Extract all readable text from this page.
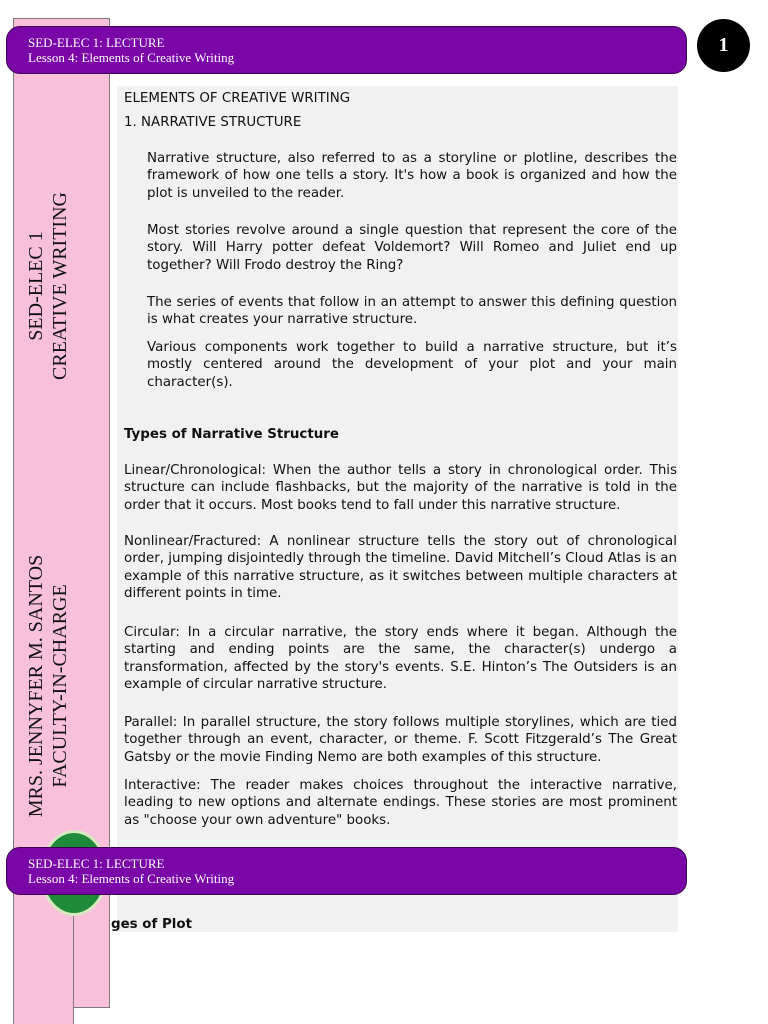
SED-ELEC 1 CREATIVE WRITING
MRS. JENNYFER M. SANTOS FACULTY-IN-CHARGE
ELEMENTS OF CREATIVE WRITING
1. NARRATIVE STRUCTURE
Narrative structure, also referred to as a storyline or plotline, describes the framework of how one tells a story. It's how a book is organized and how the plot is unveiled to the reader.
Most stories revolve around a single question that represent the core of the story. Will Harry potter defeat Voldemort? Will Romeo and Juliet end up together? Will Frodo destroy the Ring?
The series of events that follow in an attempt to answer this defining question is what creates your narrative structure.
Various components work together to build a narrative structure, but it’s mostly centered around the development of your plot and your main character(s).
Types of Narrative Structure
Linear/Chronological: When the author tells a story in chronological order. This structure can include flashbacks, but the majority of the narrative is told in the order that it occurs. Most books tend to fall under this narrative structure.
Nonlinear/Fractured: A nonlinear structure tells the story out of chronological order, jumping disjointedly through the timeline. David Mitchell’s Cloud Atlas is an example of this narrative structure, as it switches between multiple characters at different points in time.
Circular: In a circular narrative, the story ends where it began. Although the starting and ending points are the same, the character(s) undergo a transformation, affected by the story's events. S.E. Hinton’s The Outsiders is an example of circular narrative structure.
Parallel: In parallel structure, the story follows multiple storylines, which are tied together through an event, character, or theme. F. Scott Fitzgerald’s The Great Gatsby or the movie Finding Nemo are both examples of this structure.
Interactive: The reader makes choices throughout the interactive narrative, leading to new options and alternate endings. These stories are most prominent as "choose your own adventure" books.
ges of Plot
SED-ELEC 1: LECTURE
Lesson 4: Elements of Creative Writing
1
SED-ELEC 1: LECTURE
Lesson 4: Elements of Creative Writing
